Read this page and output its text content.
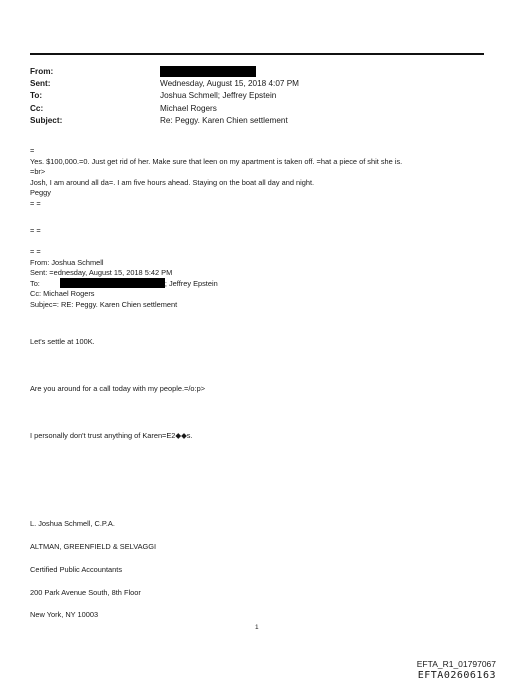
From:
Sent:	Wednesday, August 15, 2018 4:07 PM
To:	Joshua Schmell; Jeffrey Epstein
Cc:	Michael Rogers
Subject:	Re: Peggy. Karen Chien settlement

=

Yes. $100,000.=0. Just get rid of her. Make sure that leen on my apartment is taken off. =hat a piece of shit she is.

=br>

Josh, I am around all da=. I am five hours ahead. Staying on the boat all day and night.

Peggy

= =

= =

= =

From: Joshua Schmell

Sent: =ednesday, August 15, 2018 5:42 PM

To:	; Jeffrey Epstein

Cc: Michael Rogers

Subjec=: RE: Peggy. Karen Chien settlement

Let's settle at 100K.
Are you around for a call today with my people.=/o:p>
I personally don't trust anything of Karen=E2◆◆s.
L. Joshua Schmell, C.P.A.
ALTMAN, GREENFIELD & SELVAGGI
Certified Public Accountants
200 Park Avenue South, 8th Floor
New York, NY 10003
1
EFTA_R1_01797067
EFTA02606163
